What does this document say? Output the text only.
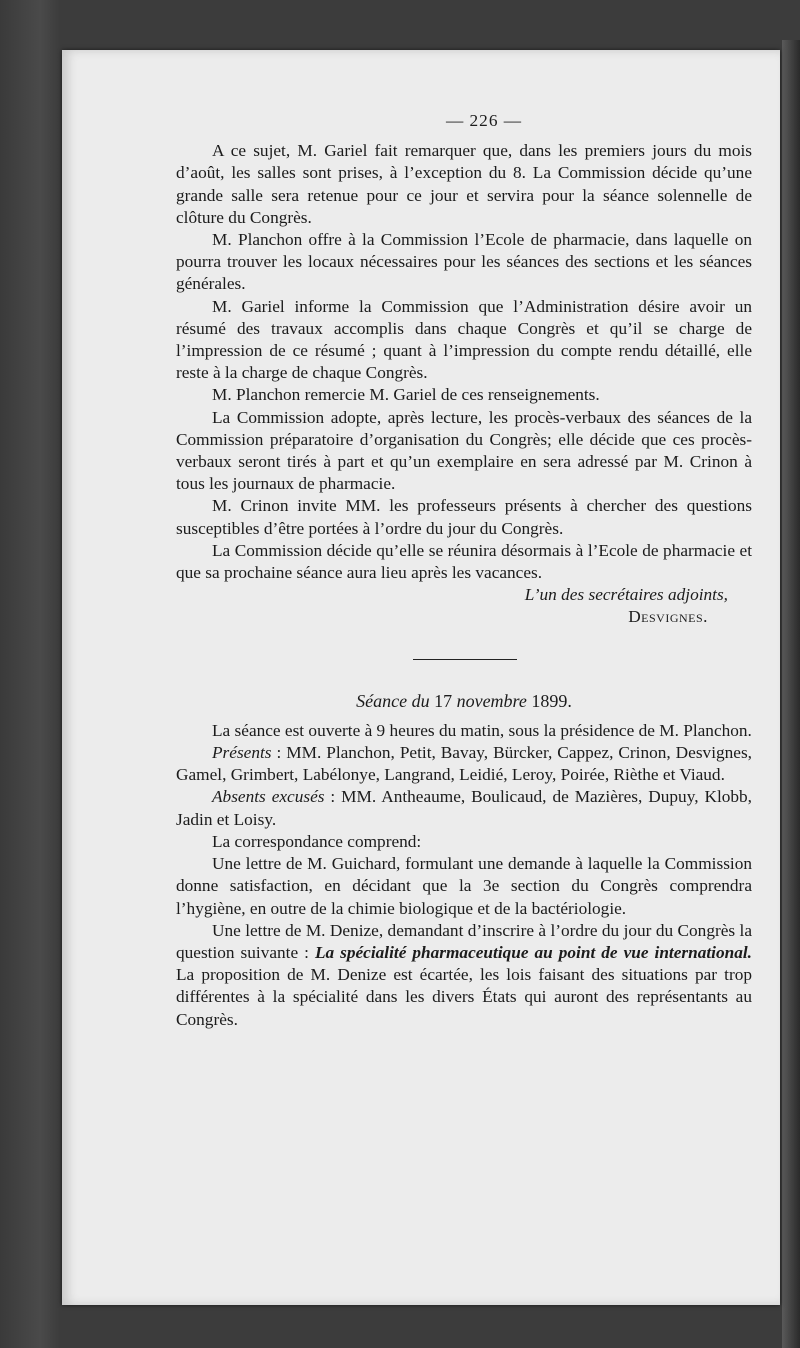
— 226 —

A ce sujet, M. Gariel fait remarquer que, dans les premiers jours du mois d’août, les salles sont prises, à l’exception du 8. La Commission décide qu’une grande salle sera retenue pour ce jour et servira pour la séance solennelle de clôture du Congrès.

M. Planchon offre à la Commission l’Ecole de pharmacie, dans laquelle on pourra trouver les locaux nécessaires pour les séances des sections et les séances générales.

M. Gariel informe la Commission que l’Administration désire avoir un résumé des travaux accomplis dans chaque Congrès et qu’il se charge de l’impression de ce résumé ; quant à l’impression du compte rendu détaillé, elle reste à la charge de chaque Congrès.

M. Planchon remercie M. Gariel de ces renseignements.

La Commission adopte, après lecture, les procès-verbaux des séances de la Commission préparatoire d’organisation du Congrès; elle décide que ces procès-verbaux seront tirés à part et qu’un exemplaire en sera adressé par M. Crinon à tous les journaux de pharmacie.

M. Crinon invite MM. les professeurs présents à chercher des questions susceptibles d’être portées à l’ordre du jour du Congrès.

La Commission décide qu’elle se réunira désormais à l’Ecole de pharmacie et que sa prochaine séance aura lieu après les vacances.

L’un des secrétaires adjoints,
Desvignes.
Séance du 17 novembre 1899.

La séance est ouverte à 9 heures du matin, sous la présidence de M. Planchon.

Présents : MM. Planchon, Petit, Bavay, Bürcker, Cappez, Crinon, Desvignes, Gamel, Grimbert, Labélonye, Langrand, Leidié, Leroy, Poirée, Rièthe et Viaud.

Absents excusés : MM. Antheaume, Boulicaud, de Mazières, Dupuy, Klobb, Jadin et Loisy.

La correspondance comprend:

Une lettre de M. Guichard, formulant une demande à laquelle la Commission donne satisfaction, en décidant que la 3e section du Congrès comprendra l’hygiène, en outre de la chimie biologique et de la bactériologie.

Une lettre de M. Denize, demandant d’inscrire à l’ordre du jour du Congrès la question suivante : La spécialité pharmaceutique au point de vue international. La proposition de M. Denize est écartée, les lois faisant des situations par trop différentes à la spécialité dans les divers États qui auront des représentants au Congrès.
